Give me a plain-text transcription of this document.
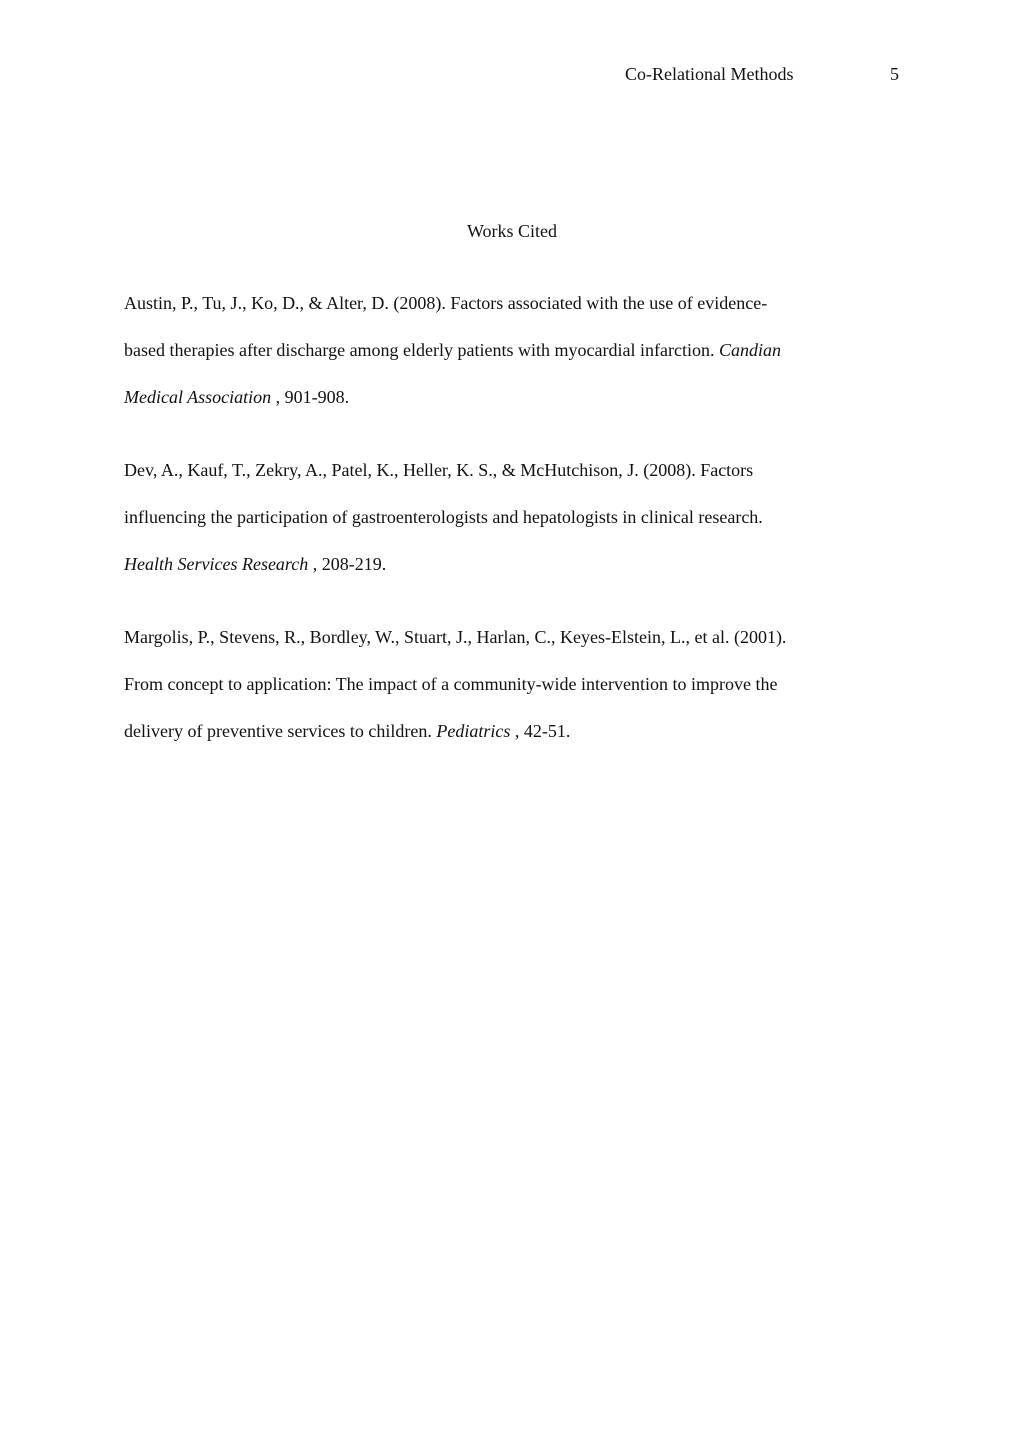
Co-Relational Methods	5
Works Cited
Austin, P., Tu, J., Ko, D., & Alter, D. (2008). Factors associated with the use of evidence-
based therapies after discharge among elderly patients with myocardial infarction. Candian
Medical Association , 901-908.
Dev, A., Kauf, T., Zekry, A., Patel, K., Heller, K. S., & McHutchison, J. (2008). Factors
influencing the participation of gastroenterologists and hepatologists in clinical research.
Health Services Research , 208-219.
Margolis, P., Stevens, R., Bordley, W., Stuart, J., Harlan, C., Keyes-Elstein, L., et al. (2001).
From concept to application: The impact of a community-wide intervention to improve the
delivery of preventive services to children. Pediatrics , 42-51.
